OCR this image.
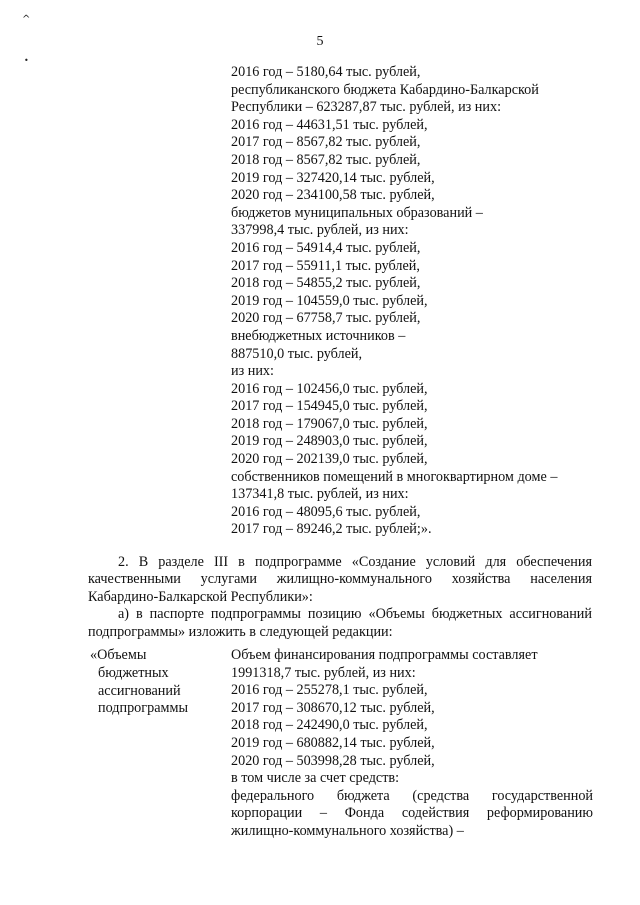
^
•
5
2016 год – 5180,64 тыс. рублей,
республиканского бюджета Кабардино-Балкарской
Республики – 623287,87 тыс. рублей, из них:
2016 год – 44631,51 тыс. рублей,
2017 год – 8567,82 тыс. рублей,
2018 год – 8567,82 тыс. рублей,
2019 год – 327420,14 тыс. рублей,
2020 год – 234100,58 тыс. рублей,
бюджетов муниципальных образований –
337998,4 тыс. рублей, из них:
2016 год – 54914,4 тыс. рублей,
2017 год – 55911,1 тыс. рублей,
2018 год – 54855,2 тыс. рублей,
2019 год – 104559,0 тыс. рублей,
2020 год – 67758,7 тыс. рублей,
внебюджетных источников –
887510,0 тыс. рублей,
из них:
2016 год – 102456,0 тыс. рублей,
2017 год – 154945,0 тыс. рублей,
2018 год – 179067,0 тыс. рублей,
2019 год – 248903,0 тыс. рублей,
2020 год – 202139,0 тыс. рублей,
собственников помещений в многоквартирном доме –
137341,8 тыс. рублей, из них:
2016 год – 48095,6 тыс. рублей,
2017 год – 89246,2 тыс. рублей;».
2. В разделе III в подпрограмме «Создание условий для обеспечения качественными услугами жилищно-коммунального хозяйства населения Кабардино-Балкарской Республики»:
а) в паспорте подпрограммы позицию «Объемы бюджетных ассигнований подпрограммы» изложить в следующей редакции:
«Объемы
бюджетных
ассигнований
подпрограммы
Объем финансирования подпрограммы составляет
1991318,7 тыс. рублей, из них:
2016 год – 255278,1 тыс. рублей,
2017 год – 308670,12 тыс. рублей,
2018 год – 242490,0 тыс. рублей,
2019 год – 680882,14 тыс. рублей,
2020 год – 503998,28 тыс. рублей,
в том числе за счет средств:
федерального бюджета (средства государственной корпорации – Фонда содействия реформированию жилищно-коммунального хозяйства) –
